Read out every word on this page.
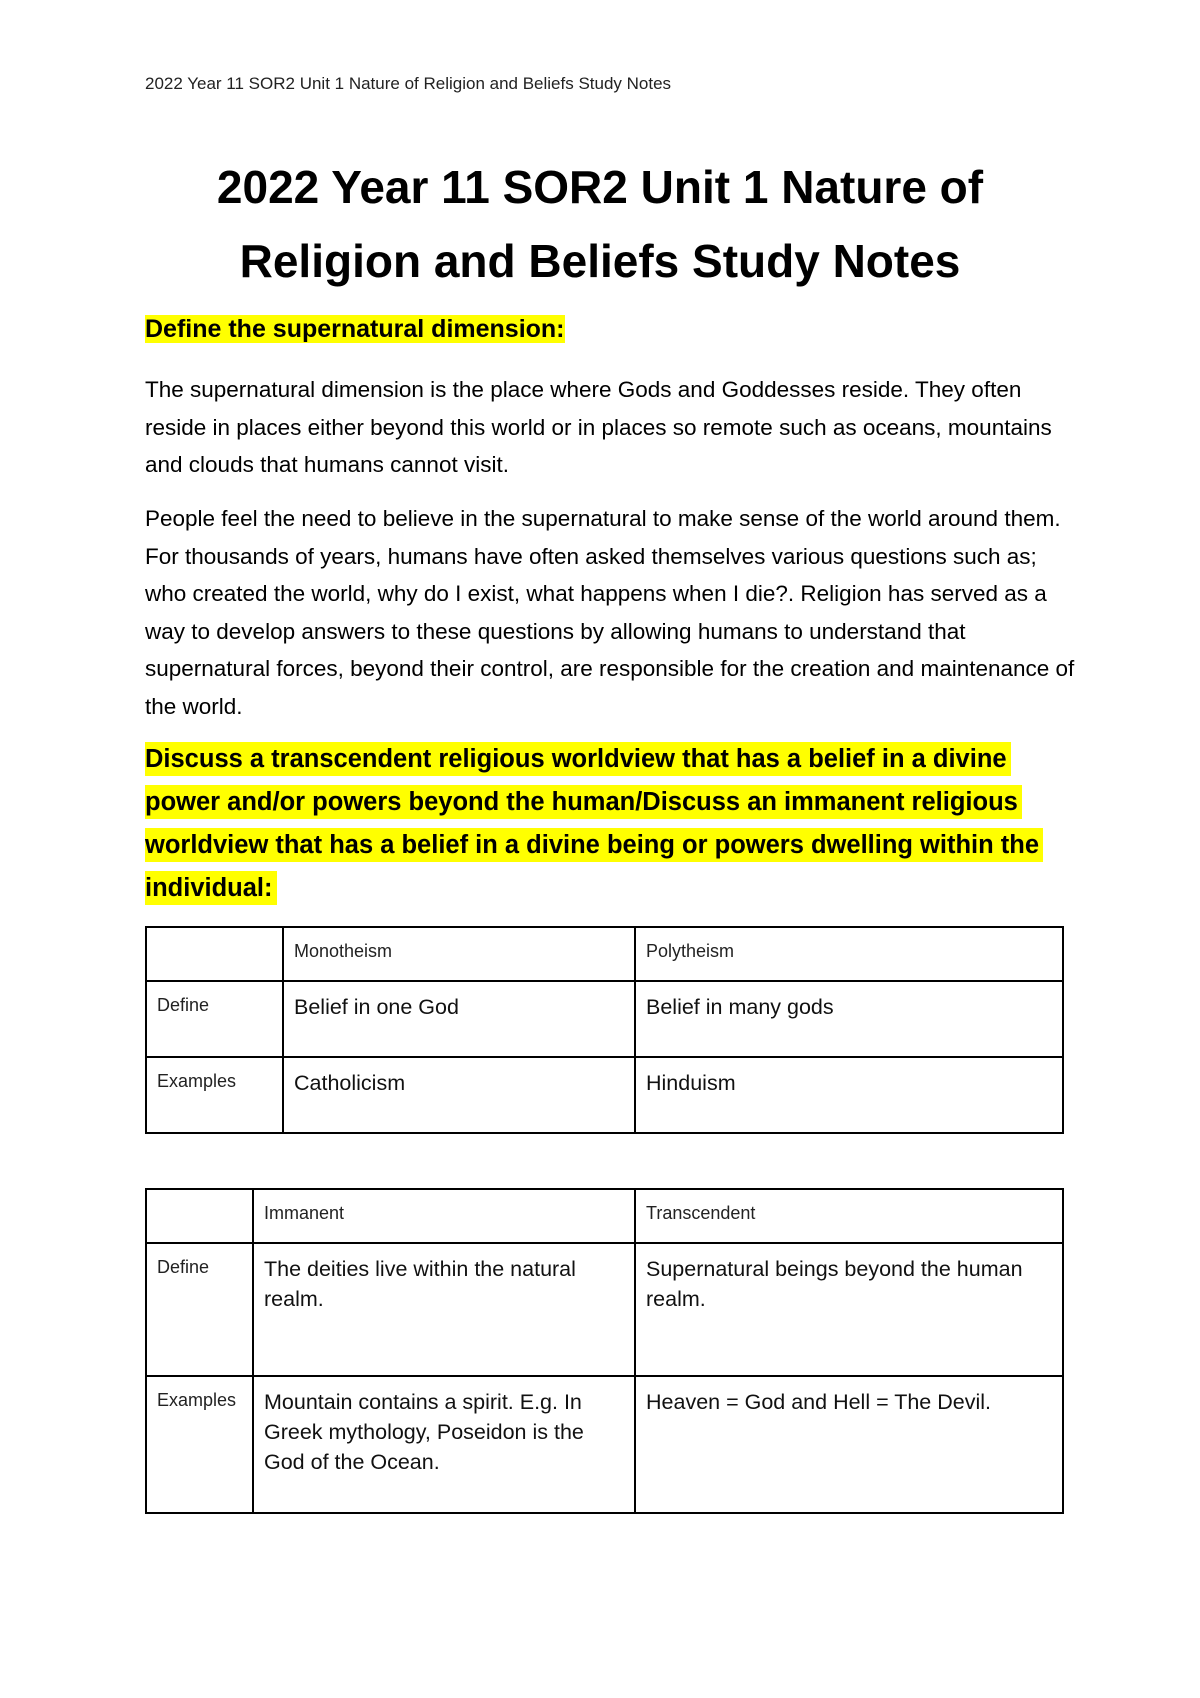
2022 Year 11 SOR2 Unit 1 Nature of Religion and Beliefs Study Notes
2022 Year 11 SOR2 Unit 1 Nature of
Religion and Beliefs Study Notes
Define the supernatural dimension:

The supernatural dimension is the place where Gods and Goddesses reside. They often reside in places either beyond this world or in places so remote such as oceans, mountains and clouds that humans cannot visit.

People feel the need to believe in the supernatural to make sense of the world around them. For thousands of years, humans have often asked themselves various questions such as; who created the world, why do I exist, what happens when I die?. Religion has served as a way to develop answers to these questions by allowing humans to understand that supernatural forces, beyond their control, are responsible for the creation and maintenance of the world.

Discuss a transcendent religious worldview that has a belief in a divine power and/or powers beyond the human/Discuss an immanent religious worldview that has a belief in a divine being or powers dwelling within the individual:
	Monotheism	Polytheism
Define	Belief in one God	Belief in many gods
Examples	Catholicism	Hinduism
	Immanent	Transcendent
Define	The deities live within the natural realm.	Supernatural beings beyond the human realm.
Examples	Mountain contains a spirit. E.g. In Greek mythology, Poseidon is the God of the Ocean.	Heaven = God and Hell = The Devil.
